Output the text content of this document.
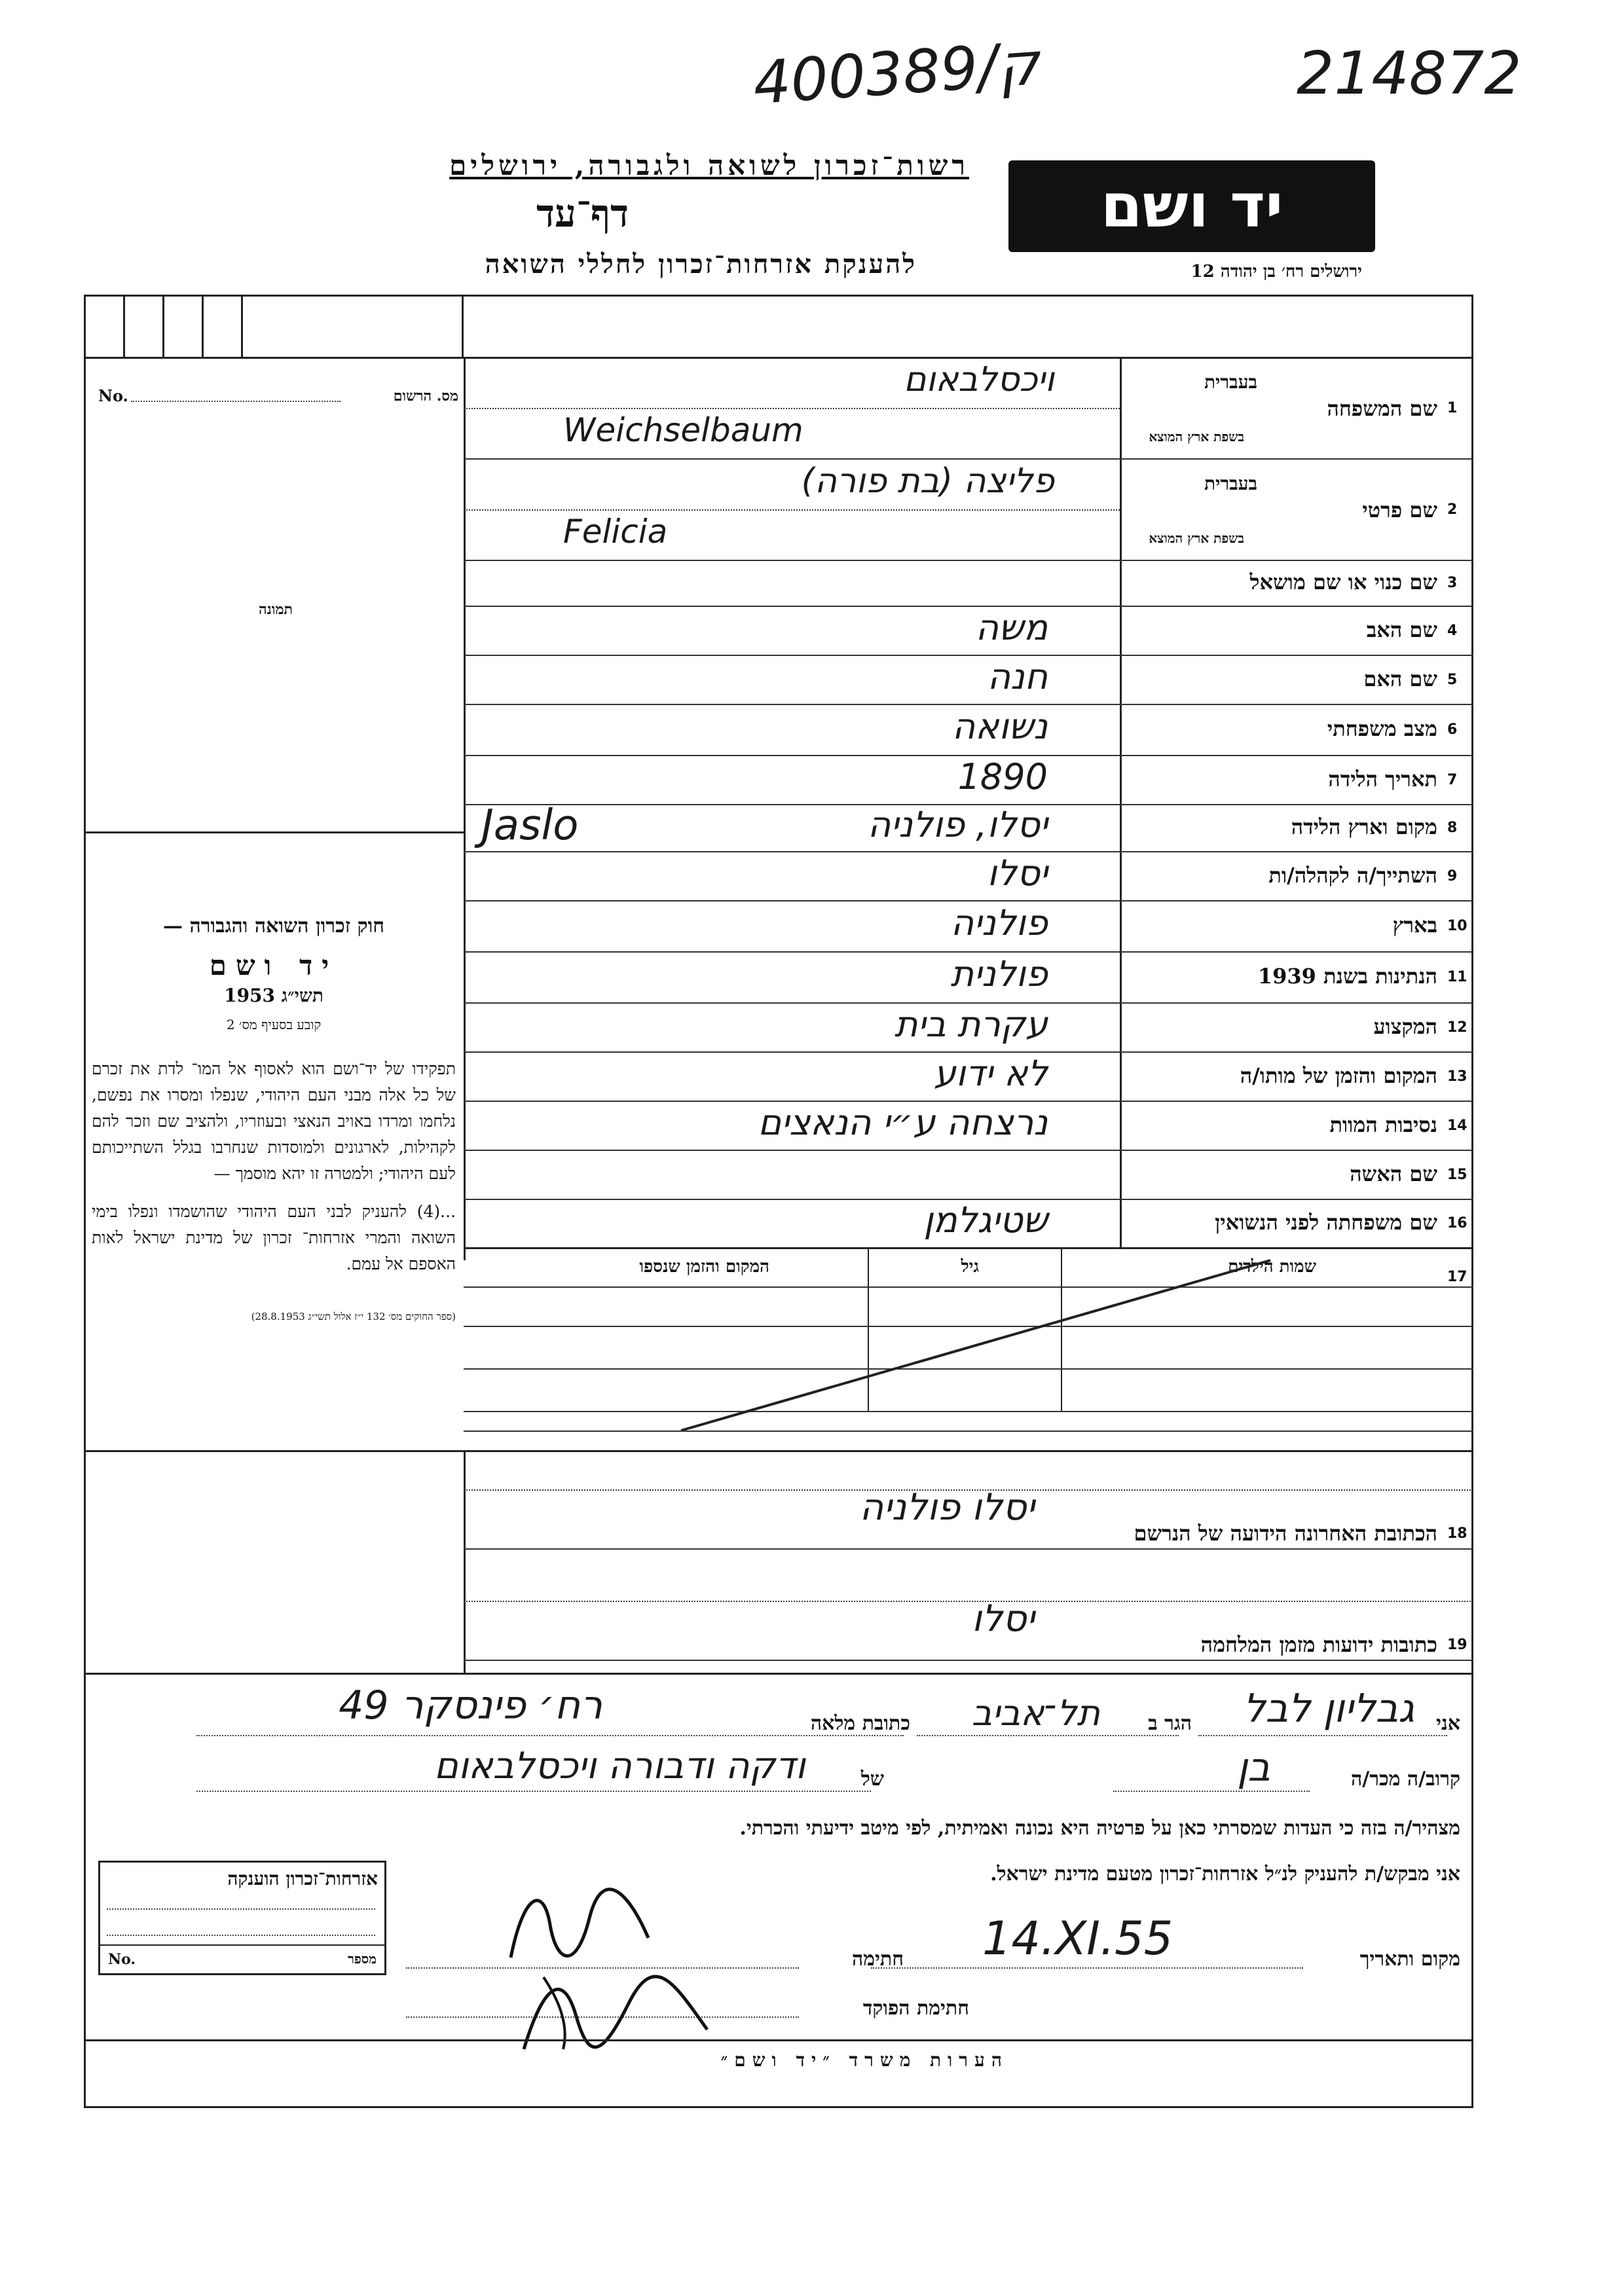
400389/ק	214872
רשות־זכרון לשואה ולגבורה, ירושלים
דף־עד
להענקת אזרחות־זכרון לחללי השואה
יד ושם
ירושלים רח׳ בן יהודה 12
No.	מס. הרשום
תמונה
חוק זכרון השואה והגבורה —
יד ושם
תשי״ג 1953
קובע בסעיף מס׳ 2
תפקידו של יד־ושם הוא לאסוף אל המו־ לדת את זכרם של כל אלה מבני העם היהודי, שנפלו ומסרו את נפשם, נלחמו ומרדו באויב הנאצי ובעוזריו, ולהציב שם וזכר להם לקהילות, לארגונים ולמוסדות שנחרבו בגלל השתייכותם לעם היהודי; ולמטרה זו יהא מוסמך —
...(4) להעניק לבני העם היהודי שהושמדו ונפלו בימי השואה והמרי אזרחות־ זכרון של מדינת ישראל לאות האספם אל עמם.
(ספר החוקים מס׳ 132 י״ז אלול תשי״ג 28.8.1953)
1
שם המשפחה
בעברית
בשפת ארץ המוצא
ויכסלבאום
Weichselbaum
2
שם פרטי
בעברית
בשפת ארץ המוצא
פליצה (בת פורה)
Felicia
3
שם כנוי או שם מושאל
4
שם האב
משה
5
שם האם
חנה
6
מצב משפחתי
נשואה
7
תאריך הלידה
1890
8
מקום וארץ הלידה
יסלו, פולניה
Jaslo
9
השתייך/ה לקהלה/ות
יסלו
10
בארץ
פולניה
11
הנתינות בשנת 1939
פולנית
12
המקצוע
עקרת בית
13
המקום והזמן של מותו/ה
לא ידוע
14
נסיבות המוות
נרצחה ע״י הנאצים
15
שם האשה
16
שם משפחתה לפני הנשואין
שטיגלמן
17
שמות הילדים
גיל
המקום והזמן שנספו
18
הכתובת האחרונה הידועה של הנרשם
יסלו פולניה
19
כתובות ידועות מזמן המלחמה
יסלו
אני
גבליון לבל
הגר ב
תל־אביב
כתובת מלאה
רח׳ פינסקר 49
קרוב/ה מכר/ה
בן
של
ודקה ודבורה ויכסלבאום
מצהיר/ה בזה כי העדות שמסרתי כאן על פרטיה היא נכונה ואמיתית, לפי מיטב ידיעתי והכרתי.
אני מבקש/ת להעניק לנ״ל אזרחות־זכרון מטעם מדינת ישראל.
מקום ותאריך
14.XI.55
חתימה
חתימת הפוקד
אזרחות־זכרון הוענקה
No.	מספר
הערות משרד ״יד ושם״
